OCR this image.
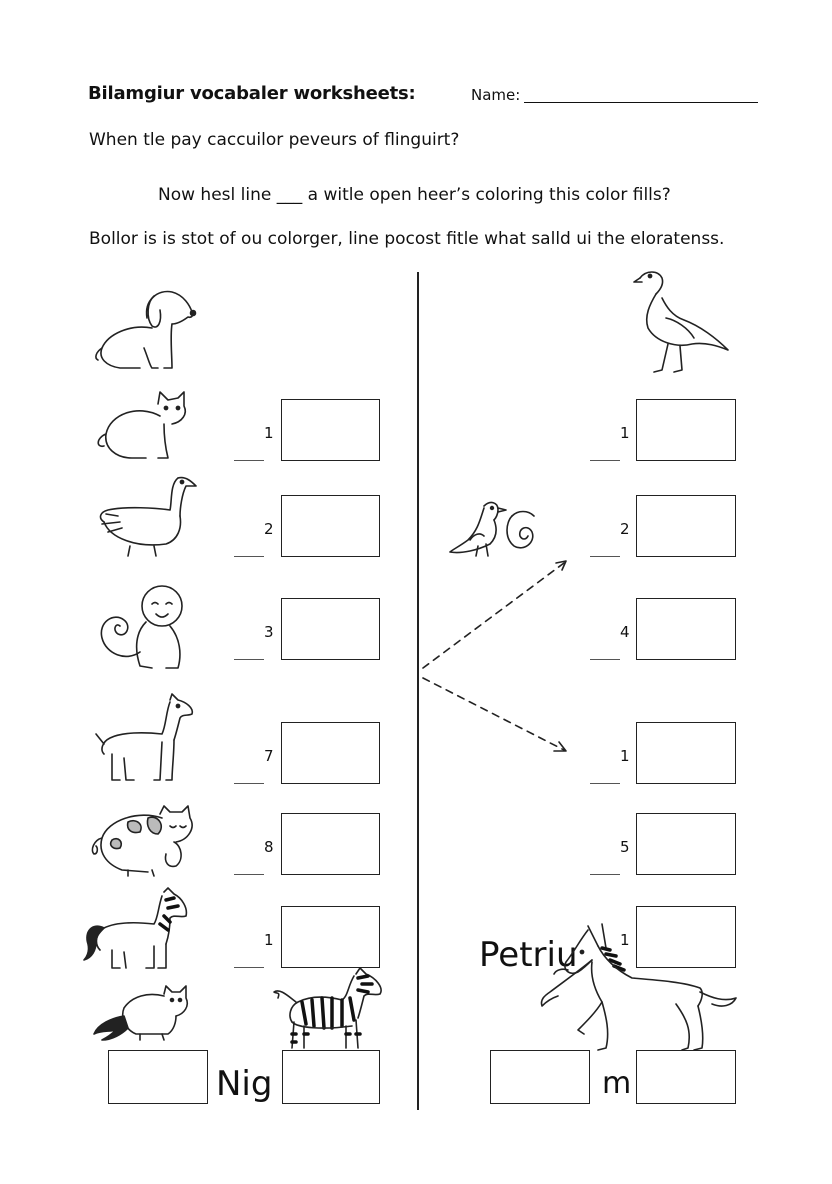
Bilamgiur vocabaler worksheets:	Name:
When tle pay caccuilor peveurs of flinguirt?
Now hesl line ___ a witle open heer’s coloring this color fills?
Bollor is is stot of ou colorger, line pocost fitle what salld ui the eloratenss.
1
2
3
7
8
1
1
2
4
1
5
1
Nig	m
Petriu
